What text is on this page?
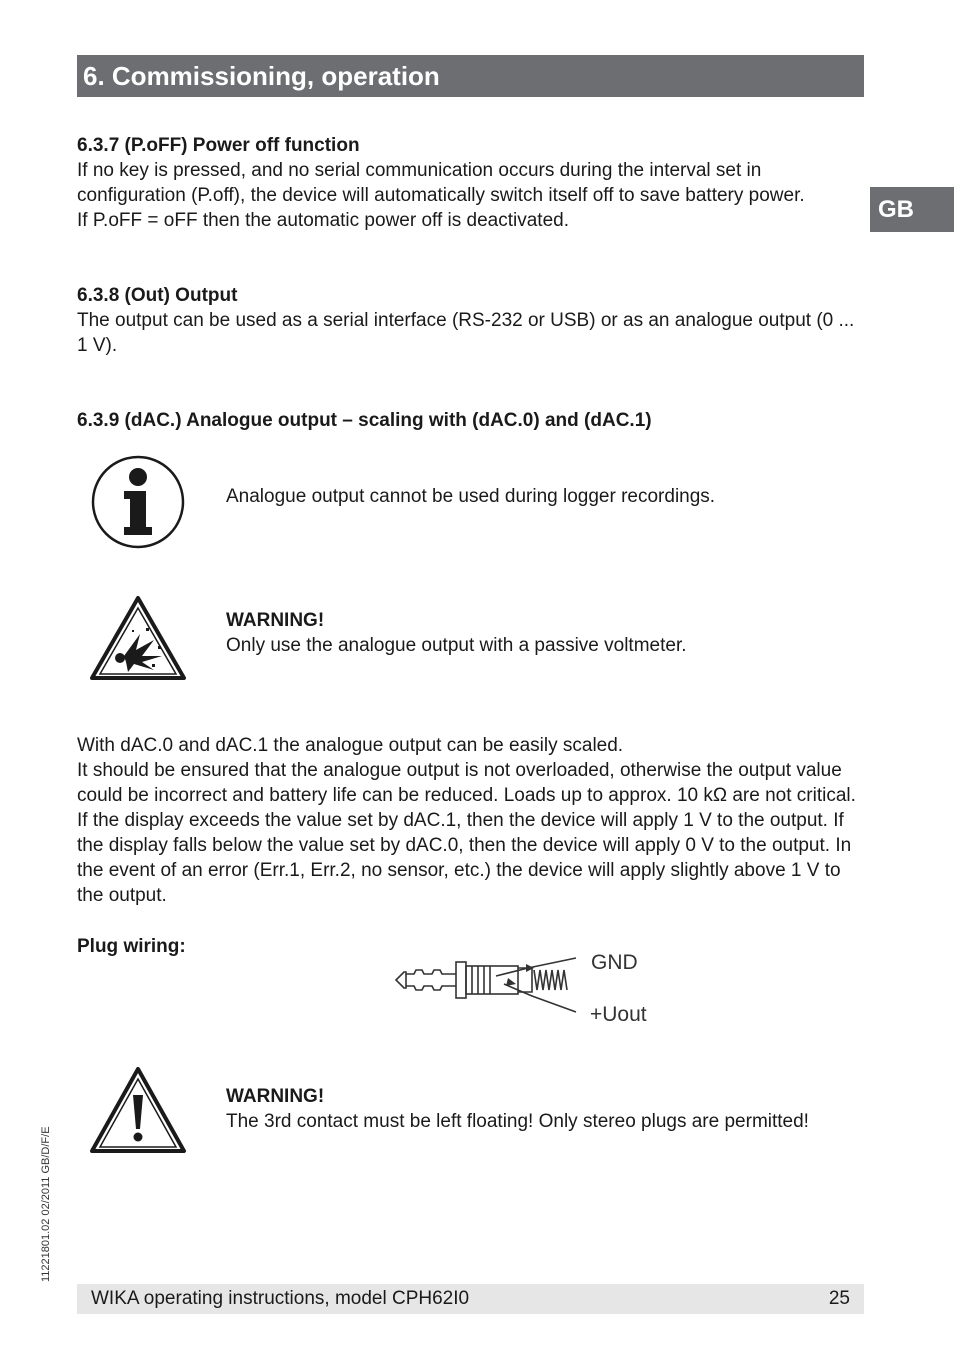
6. Commissioning, operation
GB

6.3.7 (P.oFF) Power off function

If no key is pressed, and no serial communication occurs during the interval set in configuration (P.off), the device will automatically switch itself off to save battery power.

If P.oFF = oFF then the automatic power off is deactivated.

6.3.8 (Out) Output

The output can be used as a serial interface (RS-232 or USB) or as an analogue output (0 ... 1 V).

6.3.9 (dAC.) Analogue output – scaling with (dAC.0) and (dAC.1)

Analogue output cannot be used during logger recordings.

WARNING!

Only use the analogue output with a passive voltmeter.

With dAC.0 and dAC.1 the analogue output can be easily scaled.

It should be ensured that the analogue output is not overloaded, otherwise the output value could be incorrect and battery life can be reduced. Loads up to approx. 10 kΩ are not critical. If the display exceeds the value set by dAC.1, then the device will apply 1 V to the output. If the display falls below the value set by dAC.0, then the device will apply 0 V to the output. In the event of an error (Err.1, Err.2, no sensor, etc.) the device will apply slightly above 1 V to the output.

Plug wiring:

GND
+Uout

WARNING!

The 3rd contact must be left floating! Only stereo plugs are permitted!

11221801.02 02/2011 GB/D/F/E
WIKA operating instructions, model CPH62I0	25
